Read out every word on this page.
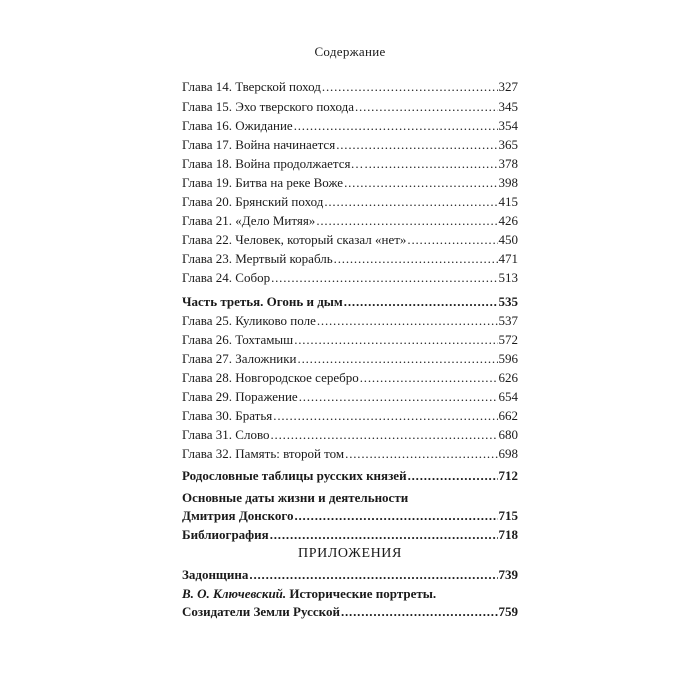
Содержание
Глава 14. Тверской поход .....	327
Глава 15. Эхо тверского похода .....	345
Глава 16. Ожидание .....	354
Глава 17. Война начинается .....	365
Глава 18. Война продолжается… .....	378
Глава 19. Битва на реке Воже .....	398
Глава 20. Брянский поход .....	415
Глава 21. «Дело Митяя» .....	426
Глава 22. Человек, который сказал «нет» .....	450
Глава 23. Мертвый корабль .....	471
Глава 24. Собор .....	513
Часть третья. Огонь и дым .....	535
Глава 25. Куликово поле .....	537
Глава 26. Тохтамыш .....	572
Глава 27. Заложники .....	596
Глава 28. Новгородское серебро .....	626
Глава 29. Поражение .....	654
Глава 30. Братья .....	662
Глава 31. Слово .....	680
Глава 32. Память: второй том .....	698
Родословные таблицы русских князей .....	712
Основные даты жизни и деятельности
Дмитрия Донского .....	715
Библиография .....	718
ПРИЛОЖЕНИЯ
Задонщина .....	739
В. О. Ключевский. Исторические портреты.
Созидатели Земли Русской .....	759
